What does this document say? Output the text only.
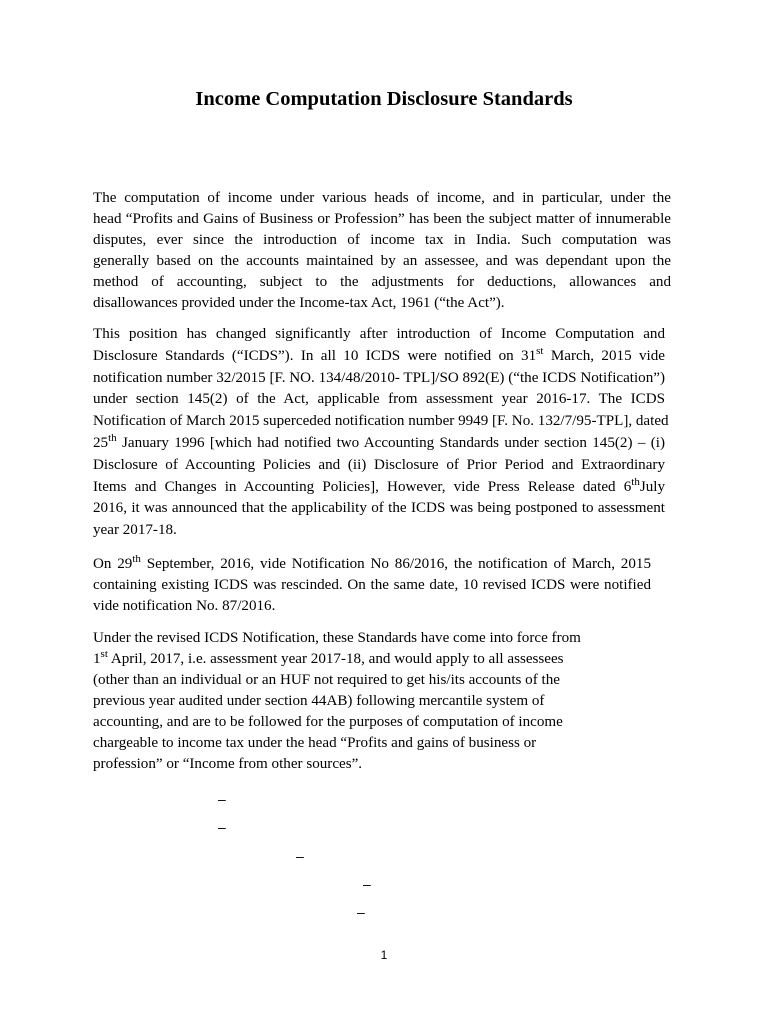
Income Computation Disclosure Standards
The computation of income under various heads of income, and in particular, under the
head “Profits and Gains of Business or Profession” has been the subject matter of innumerable
disputes, ever since the introduction of income tax in India. Such computation was
generally based on the accounts maintained by an assessee, and was dependant upon the
method of accounting, subject to the adjustments for deductions, allowances and
disallowances provided under the Income-tax Act, 1961 (“the Act”).
This position has changed significantly after introduction of Income Computation and
Disclosure Standards (“ICDS”). In all 10 ICDS were notified on 31st March, 2015 vide
notification number 32/2015 [F. NO. 134/48/2010- TPL]/SO 892(E) (“the ICDS Notification”)
under section 145(2) of the Act, applicable from assessment year 2016-17. The ICDS
Notification of March 2015 superceded notification number 9949 [F. No. 132/7/95-TPL], dated
25th January 1996 [which had notified two Accounting Standards under section 145(2) – (i)
Disclosure of Accounting Policies and (ii) Disclosure of Prior Period and Extraordinary
Items and Changes in Accounting Policies], However, vide Press Release dated 6thJuly
2016, it was announced that the applicability of the ICDS was being postponed to assessment
year 2017-18.
On 29th September, 2016, vide Notification No 86/2016, the notification of March, 2015
containing existing ICDS was rescinded. On the same date, 10 revised ICDS were notified
vide notification No. 87/2016.
Under the revised ICDS Notification, these Standards have come into force from
1st April, 2017, i.e. assessment year 2017-18, and would apply to all assessees
(other than an individual or an HUF not required to get his/its accounts of the
previous year audited under section 44AB) following mercantile system of
accounting, and are to be followed for the purposes of computation of income
chargeable to income tax under the head “Profits and gains of business or
profession” or “Income from other sources”.
–
–
–
–
–
1
